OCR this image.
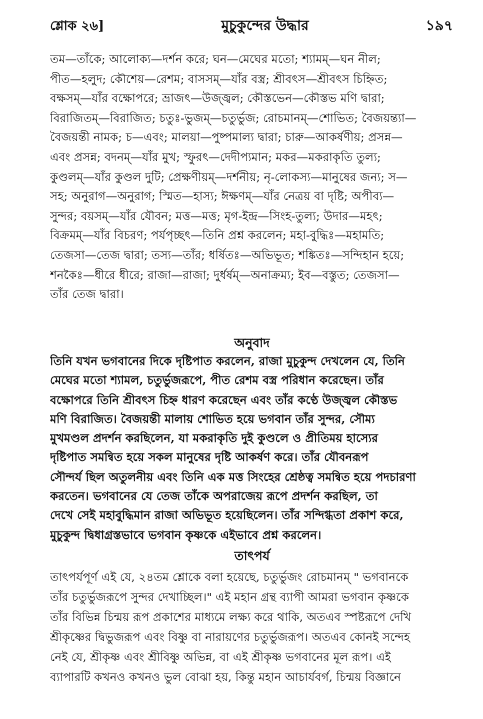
শ্লোক ২৬]	মুচুকুন্দের উদ্ধার	১৯৭
তম—তাঁকে; আলোক্য—দর্শন করে; ঘন—মেঘের মতো; শ্যামম্—ঘন নীল;
পীত—হলুদ; কৌশেয়—রেশম; বাসসম্—যাঁর বস্ত্র; শ্রীবৎস—শ্রীবৎস চিহ্নিত;
বক্ষসম্—যাঁর বক্ষোপরে; ভ্রাজৎ—উজ্জ্বল; কৌস্তভেন—কৌস্তভ মণি দ্বারা;
বিরাজিতম্—বিরাজিত; চতুঃ-ভুজম্—চতুর্ভুজ; রোচমানম্—শোভিত; বৈজয়ন্ত্যা—
বৈজয়ন্তী নামক; চ—এবং; মালয়া—পুষ্পমাল্য দ্বারা; চারু—আকর্ষণীয়; প্রসন্ন—
এবং প্রসন্ন; বদনম্—যাঁর মুখ; স্ফুরৎ—দেদীপ্যমান; মকর—মকরাকৃতি তুল্য;
কুণ্ডলম্—যাঁর কুণ্ডল দুটি; প্রেক্ষণীয়ম্—দর্শনীয়; নৃ-লোকস্য—মানুষের জন্য; স—
সহ; অনুরাগ—অনুরাগ; স্মিত—হাস্য; ঈক্ষণম্—যাঁর নেত্রয় বা দৃষ্টি; অপীব্য—
সুন্দর; বয়সম্—যাঁর যৌবন; মত্ত—মত্ত; মৃগ-ইন্দ্র—সিংহ-তুল্য; উদার—মহৎ;
বিক্রমম্—যাঁর বিচরণ; পর্যপৃচ্ছৎ—তিনি প্রশ্ন করলেন; মহা-বুদ্ধিঃ—মহামতি;
তেজসা—তেজ দ্বারা; তস্য—তাঁর; ধর্ষিতঃ—অভিভূত; শঙ্কিতঃ—সন্দিহান হয়ে;
শনকৈঃ—ধীরে ধীরে; রাজা—রাজা; দুর্ধর্ষম্—অনাক্রম্য; ইব—বস্তুত; তেজসা—
তাঁর তেজ দ্বারা।
অনুবাদ
তিনি যখন ভগবানের দিকে দৃষ্টিপাত করলেন, রাজা মুচুকুন্দ দেখলেন যে, তিনি
মেঘের মতো শ্যামল, চতুর্ভুজরূপে, পীত রেশম বস্ত্র পরিধান করেছেন। তাঁর
বক্ষোপরে তিনি শ্রীবৎস চিহ্ন ধারণ করেছেন এবং তাঁর কণ্ঠে উজ্জ্বল কৌস্তভ
মণি বিরাজিত। বৈজয়ন্তী মালায় শোভিত হয়ে ভগবান তাঁর সুন্দর, সৌম্য
মুখমণ্ডল প্রদর্শন করছিলেন, যা মকরাকৃতি দুই কুণ্ডলে ও প্রীতিময় হাস্যের
দৃষ্টিপাত সমন্বিত হয়ে সকল মানুষের দৃষ্টি আকর্ষণ করে। তাঁর যৌবনরূপ
সৌন্দর্য ছিল অতুলনীয় এবং তিনি এক মত্ত সিংহের শ্রেষ্ঠত্ব সমন্বিত হয়ে পদচারণা
করতেন। ভগবানের যে তেজ তাঁকে অপরাজেয় রূপে প্রদর্শন করছিল, তা
দেখে সেই মহাবুদ্ধিমান রাজা অভিভূত হয়েছিলেন। তাঁর সন্দিগ্ধতা প্রকাশ করে,
মুচুকুন্দ দ্বিধাগ্রস্তভাবে ভগবান কৃষ্ণকে এইভাবে প্রশ্ন করলেন।
তাৎপর্য
তাৎপর্যপূর্ণ এই যে, ২৪তম শ্লোকে বলা হয়েছে, চতুর্ভুজং রোচমানম্ " ভগবানকে
তাঁর চতুর্ভুজরূপে সুন্দর দেখাচ্ছিল।" এই মহান গ্রন্থ ব্যাপী আমরা ভগবান কৃষ্ণকে
তাঁর বিভিন্ন চিন্ময় রূপ প্রকাশের মাধ্যমে লক্ষ্য করে থাকি, অতএব স্পষ্টরূপে দেখি
শ্রীকৃষ্ণের দ্বিভুজরূপ এবং বিষ্ণু বা নারায়ণের চতুর্ভুজরূপ। অতএব কোনই সন্দেহ
নেই যে, শ্রীকৃষ্ণ এবং শ্রীবিষ্ণু অভিন্ন, বা এই শ্রীকৃষ্ণ ভগবানের মূল রূপ। এই
ব্যাপারটি কখনও কখনও ভুল বোঝা হয়, কিন্তু মহান আচার্যবর্গ, চিন্ময় বিজ্ঞানে
